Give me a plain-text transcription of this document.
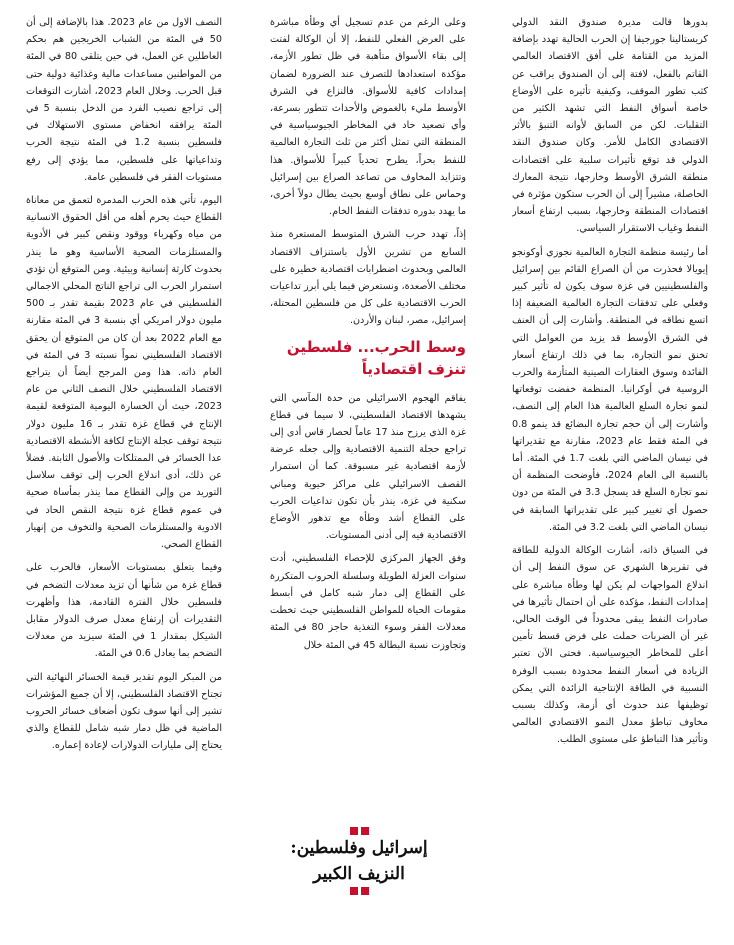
بدورها قالت مديرة صندوق النقد الدولي كريستالينا جورجيفا إن الحرب الحالية تهدد بإضافة المزيد من القتامة على أفق الاقتصاد العالمي القاتم بالفعل، لافتة إلى أن الصندوق يراقب عن كثب تطور الموقف، وكيفية تأثيره على الأوضاع خاصة أسواق النفط التي تشهد الكثير من التقلبات. لكن من السابق لأوانه التنبؤ بالأثر الاقتصادي الكامل للأمر. وكان صندوق النقد الدولي قد توقع تأثيرات سلبية على اقتصادات منطقة الشرق الأوسط وخارجها، نتيجة المعارك الحاصلة، مشيراً إلى أن الحرب ستكون مؤثرة في اقتصادات المنطقة وخارجها، بسبب ارتفاع أسعار النفط وغياب الاستقرار السياسي.

أما رئيسة منظمة التجارة العالمية نجوزي أوكونجو إيويالا فحذرت من أن الصراع القائم بين إسرائيل والفلسطينيين في غزة سوف يكون له تأثير كبير وفعلي على تدفقات التجارة العالمية الضعيفة إذا اتسع نطاقه في المنطقة. وأشارت إلى أن العنف في الشرق الأوسط قد يزيد من العوامل التي تخنق نمو التجارة، بما في ذلك ارتفاع أسعار الفائدة وسوق العقارات الصينية المتأزمة والحرب الروسية في أوكرانيا. المنظمة خفضت توقعاتها لنمو تجارة السلع العالمية هذا العام إلى النصف، وأشارت إلى أن حجم تجارة البضائع قد ينمو 0.8 في المئة فقط عام 2023، مقارنة مع تقديراتها في نيسان الماضي التي بلغت 1.7 في المئة. أما بالنسبة الى العام 2024، فأوضحت المنظمة أن نمو تجارة السلع قد يسجل 3.3 في المئة من دون حصول أي تغيير كبير على تقديراتها السابقة في نيسان الماضي التي بلغت 3.2 في المئة.

في السياق ذاته، أشارت الوكالة الدولية للطاقة في تقريرها الشهري عن سوق النفط إلى أن اندلاع المواجهات لم يكن لها وطأة مباشرة على إمدادات النفط، مؤكدة على أن احتمال تأثيرها في صادرات النفط يبقى محدوداً في الوقت الحالي، غير أن الضربات حملت على فرض قسط تأمين أعلى للمخاطر الجيوسياسية. فحتى الآن تعتبر الزيادة في أسعار النفط محدودة بسبب الوفرة النسبية في الطاقة الإنتاجية الزائدة التي يمكن توظيفها عند حدوث أي أزمة، وكذلك بسبب مخاوف تباطؤ معدل النمو الاقتصادي العالمي وتأثير هذا التباطؤ على مستوى الطلب.

وعلى الرغم من عدم تسجيل أي وطأة مباشرة على العرض الفعلي للنفط، إلا أن الوكالة لفتت إلى بقاء الأسواق متأهبة في ظل تطور الأزمة، مؤكدة استعدادها للتصرف عند الضرورة لضمان إمدادات كافية للأسواق. فالنزاع في الشرق الأوسط مليء بالغموض والأحداث تتطور بسرعة، وأي تصعيد حاد في المخاطر الجيوسياسية في المنطقة التي تمثل أكثر من ثلث التجارة العالمية للنفط بحراً، يطرح تحدياً كبيراً للأسواق. هذا وتتزايد المخاوف من تصاعد الصراع بين إسرائيل وحماس على نطاق أوسع بحيث يطال دولاً أخرى، ما يهدد بدوره تدفقات النفط الخام.

إذاً، تهدد حرب الشرق المتوسط المستعرة منذ السابع من تشرين الأول باستنزاف الاقتصاد العالمي وبحدوث اضطرابات اقتصادية خطيرة على مختلف الأصعدة، ونستعرض فيما يلي أبرز تداعيات الحرب الاقتصادية على كل من فلسطين المحتلة، إسرائيل، مصر، لبنان والأردن.

وسط الحرب... فلسطين تنزف اقتصادياً

يفاقم الهجوم الاسرائيلي من حدة المآسي التي يشهدها الاقتصاد الفلسطيني، لا سيما في قطاع غزة الذي يرزح منذ 17 عاماً لحصار قاس أدى إلى تراجع حجلة التنمية الاقتصادية وإلى جعله عرضة لأزمة اقتصادية غير مسبوقة. كما أن استمرار القصف الاسرائيلي على مراكز حيوية ومباني سكنية في غزة، ينذر بأن تكون تداعيات الحرب على القطاع أشد وطأة مع تدهور الأوضاع الاقتصادية فيه إلى أدنى المستويات.

وفق الجهاز المركزي للإحصاء الفلسطيني، أدت سنوات العزلة الطويلة وسلسلة الحروب المتكررة على القطاع إلى دمار شبه كامل في أبسط مقومات الحياة للمواطن الفلسطيني حيث تخطت معدلات الفقر وسوء التغذية حاجز 80 في المئة وتجاوزت نسبة البطالة 45 في المئة خلال

النصف الاول من عام 2023. هذا بالإضافة إلى أن 50 في المئة من الشباب الخريجين هم بحكم العاطلين عن العمل، في حين يتلقى 80 في المئة من المواطنين مساعدات مالية وغذائية دولية حتى قبل الحرب. وخلال العام 2023، أشارت التوقعات إلى تراجع نصيب الفرد من الدخل بنسبة 5 في المئة يرافقه انخفاض مستوى الاستهلاك في فلسطين بنسبة 1.2 في المئة نتيجة الحرب وتداعياتها على فلسطين، مما يؤدي إلى رفع مستويات الفقر في فلسطين عامة.

اليوم، تأتي هذه الحرب المدمرة لتعمق من معاناة القطاع حيث يحرم أهله من أقل الحقوق الانسانية من مياه وكهرباء ووقود ونقص كبير في الأدوية والمستلزمات الصحية الأساسية وهو ما ينذر بحدوث كارثة إنسانية وبيئية. ومن المتوقع أن تؤدي استمرار الحرب الى تراجع الناتج المحلي الاجمالي الفلسطيني في عام 2023 بقيمة تقدر بـ 500 مليون دولار امريكي أي بنسبة 3 في المئة مقارنة مع العام 2022 بعد أن كان من المتوقع أن يحقق الاقتصاد الفلسطيني نمواً نسبته 3 في المئة في العام ذاته. هذا ومن المرجح أيضاً أن يتراجع الاقتصاد الفلسطيني خلال النصف الثاني من عام 2023، حيث أن الخسارة اليومية المتوقعة لقيمة الإنتاج في قطاع غزة تقدر بـ 16 مليون دولار نتيجة توقف عجلة الإنتاج لكافة الأنشطة الاقتصادية عدا الخسائر في الممتلكات والأصول الثابتة. فضلاً عن ذلك، أدى اندلاع الحرب إلى توقف سلاسل التوريد من وإلى القطاع مما ينذر بمأساة صحية في عموم قطاع غزة نتيجة النقص الحاد في الادوية والمستلزمات الصحية والتخوف من إنهيار القطاع الصحي.

وفيما يتعلق بمستويات الأسعار، فالحرب على قطاع غزة من شأنها أن تزيد معدلات التضخم في فلسطين خلال الفترة القادمة، هذا وأظهرت التقديرات أن إرتفاع معدل صرف الدولار مقابل الشيكل بمقدار 1 في المئة سيزيد من معدلات التضخم بما يعادل 0.6 في المئة.

من المبكر اليوم تقدير قيمة الخسائر النهائية التي تجتاح الاقتصاد الفلسطيني، إلا أن جميع المؤشرات تشير إلى أنها سوف تكون أضعاف خسائر الحروب الماضية في ظل دمار شبه شامل للقطاع والذي يحتاج إلى مليارات الدولارات لإعادة إعماره.

إسرائيل وفلسطين:
النزيف الكبير
